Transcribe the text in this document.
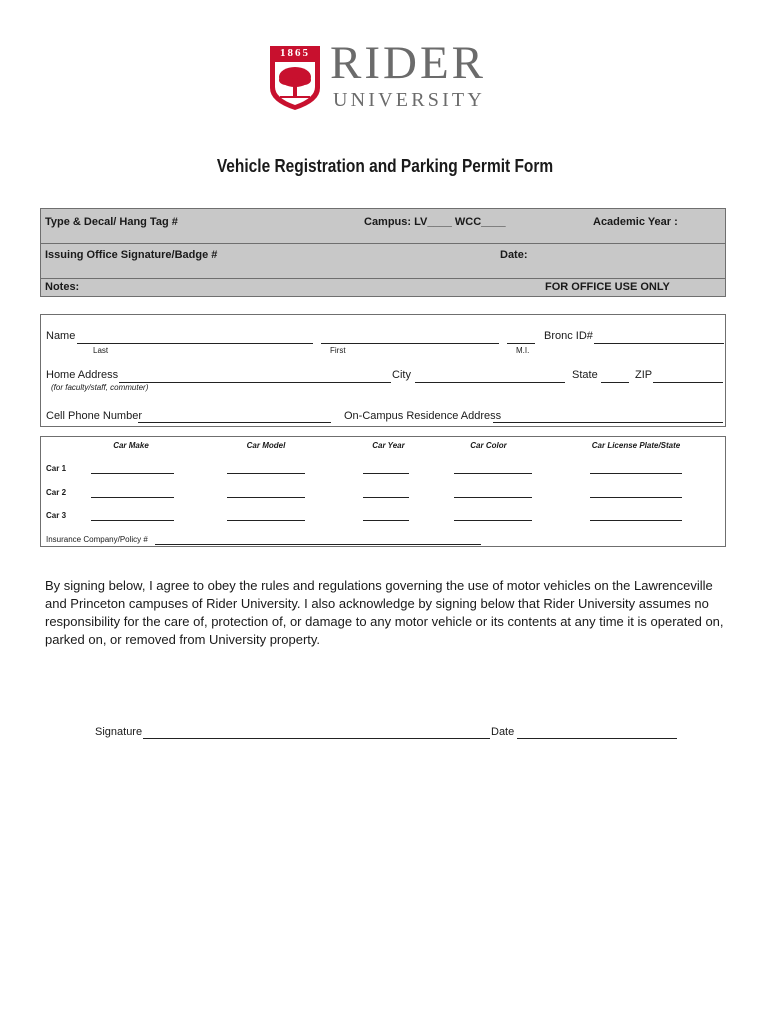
1865 RIDER
UNIVERSITY
Vehicle Registration and Parking Permit Form
Type & Decal/ Hang Tag #	Campus: LV____ WCC____	Academic Year :
Issuing Office Signature/Badge #	Date:
Notes:	FOR OFFICE USE ONLY
Name	Bronc ID#
Last	First	M.I.
Home Address	City	State	ZIP
(for faculty/staff, commuter)
Cell Phone Number	On-Campus Residence Address
Car Make	Car Model	Car Year	Car Color	Car License Plate/State
Car 1
Car 2
Car 3
Insurance Company/Policy #
By signing below, I agree to obey the rules and regulations governing the use of motor vehicles on the Lawrenceville and Princeton campuses of Rider University. I also acknowledge by signing below that Rider University assumes no responsibility for the care of, protection of, or damage to any motor vehicle or its contents at any time it is operated on, parked on, or removed from University property.
Signature	Date
